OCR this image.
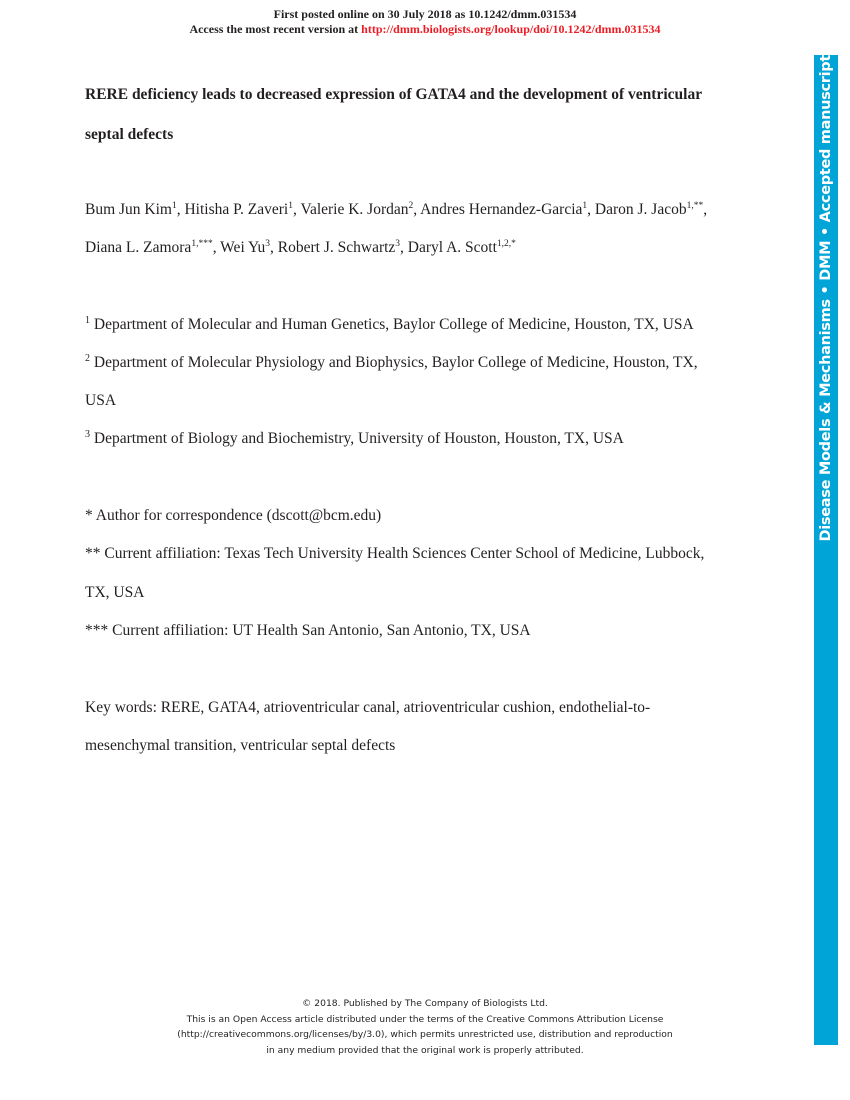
First posted online on 30 July 2018 as 10.1242/dmm.031534
Access the most recent version at http://dmm.biologists.org/lookup/doi/10.1242/dmm.031534
Disease Models & Mechanisms • DMM • Accepted manuscript
RERE deficiency leads to decreased expression of GATA4 and the development of ventricular
septal defects
Bum Jun Kim$^1$, Hitisha P. Zaveri$^1$, Valerie K. Jordan$^2$, Andres Hernandez-Garcia$^1$, Daron J. Jacob$^{1,**}$,
Diana L. Zamora$^{1,***}$, Wei Yu$^3$, Robert J. Schwartz$^3$, Daryl A. Scott$^{1,2,*}$
$^1$ Department of Molecular and Human Genetics, Baylor College of Medicine, Houston, TX, USA
$^2$ Department of Molecular Physiology and Biophysics, Baylor College of Medicine, Houston, TX,
USA
$^3$ Department of Biology and Biochemistry, University of Houston, Houston, TX, USA
* Author for correspondence (dscott@bcm.edu)
** Current affiliation: Texas Tech University Health Sciences Center School of Medicine, Lubbock,
TX, USA
*** Current affiliation: UT Health San Antonio, San Antonio, TX, USA
Key words: RERE, GATA4, atrioventricular canal, atrioventricular cushion, endothelial-to-
mesenchymal transition, ventricular septal defects
© 2018. Published by The Company of Biologists Ltd.
This is an Open Access article distributed under the terms of the Creative Commons Attribution License
(http://creativecommons.org/licenses/by/3.0), which permits unrestricted use, distribution and reproduction
in any medium provided that the original work is properly attributed.
